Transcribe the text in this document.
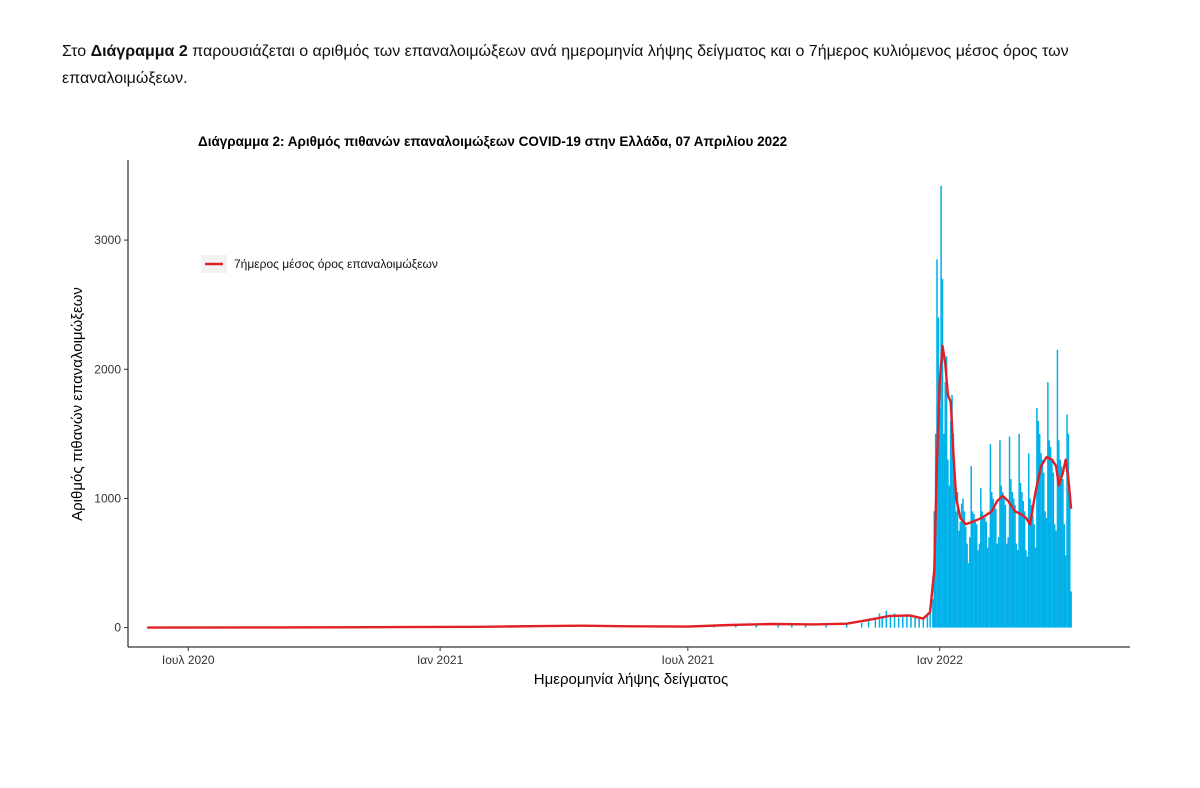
Στο Διάγραμμα 2 παρουσιάζεται ο αριθμός των επαναλοιμώξεων ανά ημερομηνία λήψης δείγματος και ο 7ήμερος κυλιόμενος μέσος όρος των επαναλοιμώξεων.
Διάγραμμα 2: Αριθμός πιθανών επαναλοιμώξεων COVID-19 στην Ελλάδα, 07 Απριλίου 2022
0
1000
2000
3000
Ιουλ 2020	Ιαν 2021	Ιουλ 2021	Ιαν 2022
Ημερομηνία λήψης δείγματος
Αριθμός πιθανών επαναλοιμώξεων
7ήμερος μέσος όρος επαναλοιμώξεων
